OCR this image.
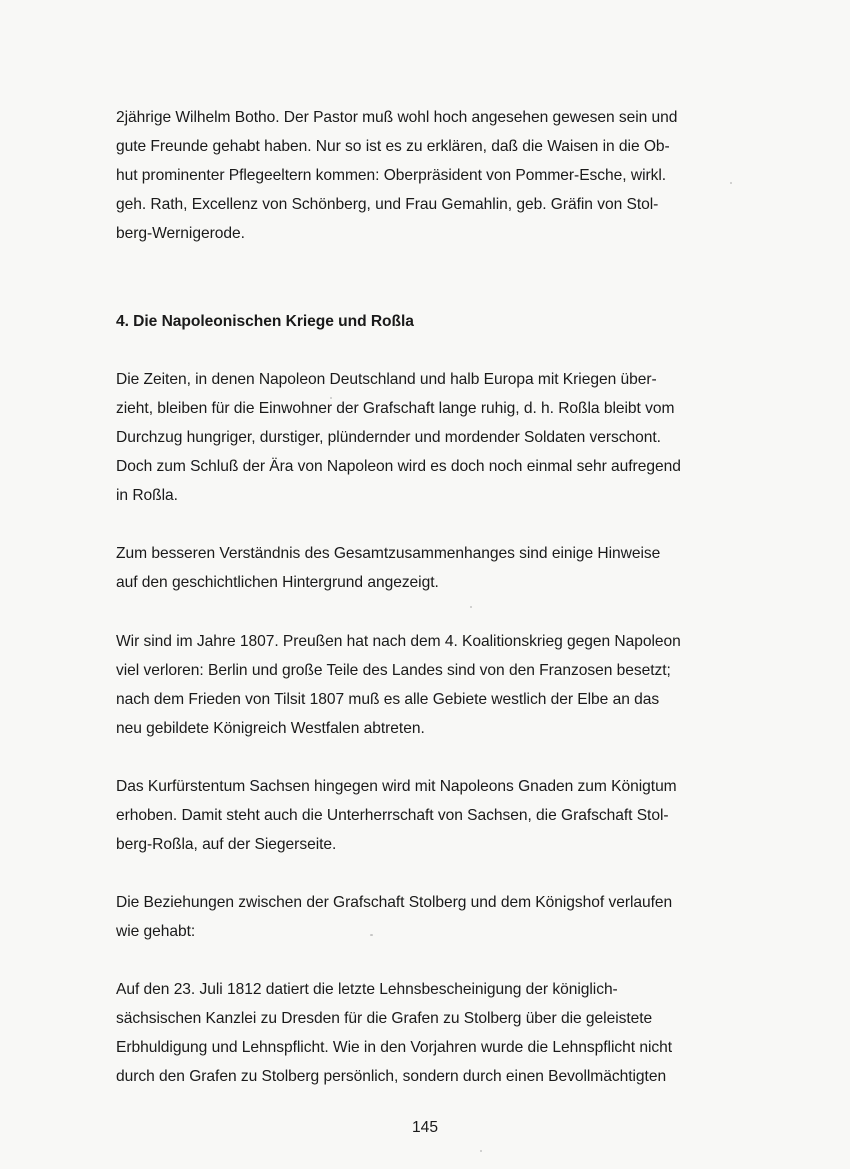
2jährige Wilhelm Botho. Der Pastor muß wohl hoch angesehen gewesen sein und
gute Freunde gehabt haben. Nur so ist es zu erklären, daß die Waisen in die Ob-
hut prominenter Pflegeeltern kommen: Oberpräsident von Pommer-Esche, wirkl.
geh. Rath, Excellenz von Schönberg, und Frau Gemahlin, geb. Gräfin von Stol-
berg-Wernigerode.
4. Die Napoleonischen Kriege und Roßla
Die Zeiten, in denen Napoleon Deutschland und halb Europa mit Kriegen über-
zieht, bleiben für die Einwohner der Grafschaft lange ruhig, d. h. Roßla bleibt vom
Durchzug hungriger, durstiger, plündernder und mordender Soldaten verschont.
Doch zum Schluß der Ära von Napoleon wird es doch noch einmal sehr aufregend
in Roßla.
Zum besseren Verständnis des Gesamtzusammenhanges sind einige Hinweise
auf den geschichtlichen Hintergrund angezeigt.
Wir sind im Jahre 1807. Preußen hat nach dem 4. Koalitionskrieg gegen Napoleon
viel verloren: Berlin und große Teile des Landes sind von den Franzosen besetzt;
nach dem Frieden von Tilsit 1807 muß es alle Gebiete westlich der Elbe an das
neu gebildete Königreich Westfalen abtreten.
Das Kurfürstentum Sachsen hingegen wird mit Napoleons Gnaden zum Königtum
erhoben. Damit steht auch die Unterherrschaft von Sachsen, die Grafschaft Stol-
berg-Roßla, auf der Siegerseite.
Die Beziehungen zwischen der Grafschaft Stolberg und dem Königshof verlaufen
wie gehabt:
Auf den 23. Juli 1812 datiert die letzte Lehnsbescheinigung der königlich-
sächsischen Kanzlei zu Dresden für die Grafen zu Stolberg über die geleistete
Erbhuldigung und Lehnspflicht. Wie in den Vorjahren wurde die Lehnspflicht nicht
durch den Grafen zu Stolberg persönlich, sondern durch einen Bevollmächtigten
145
